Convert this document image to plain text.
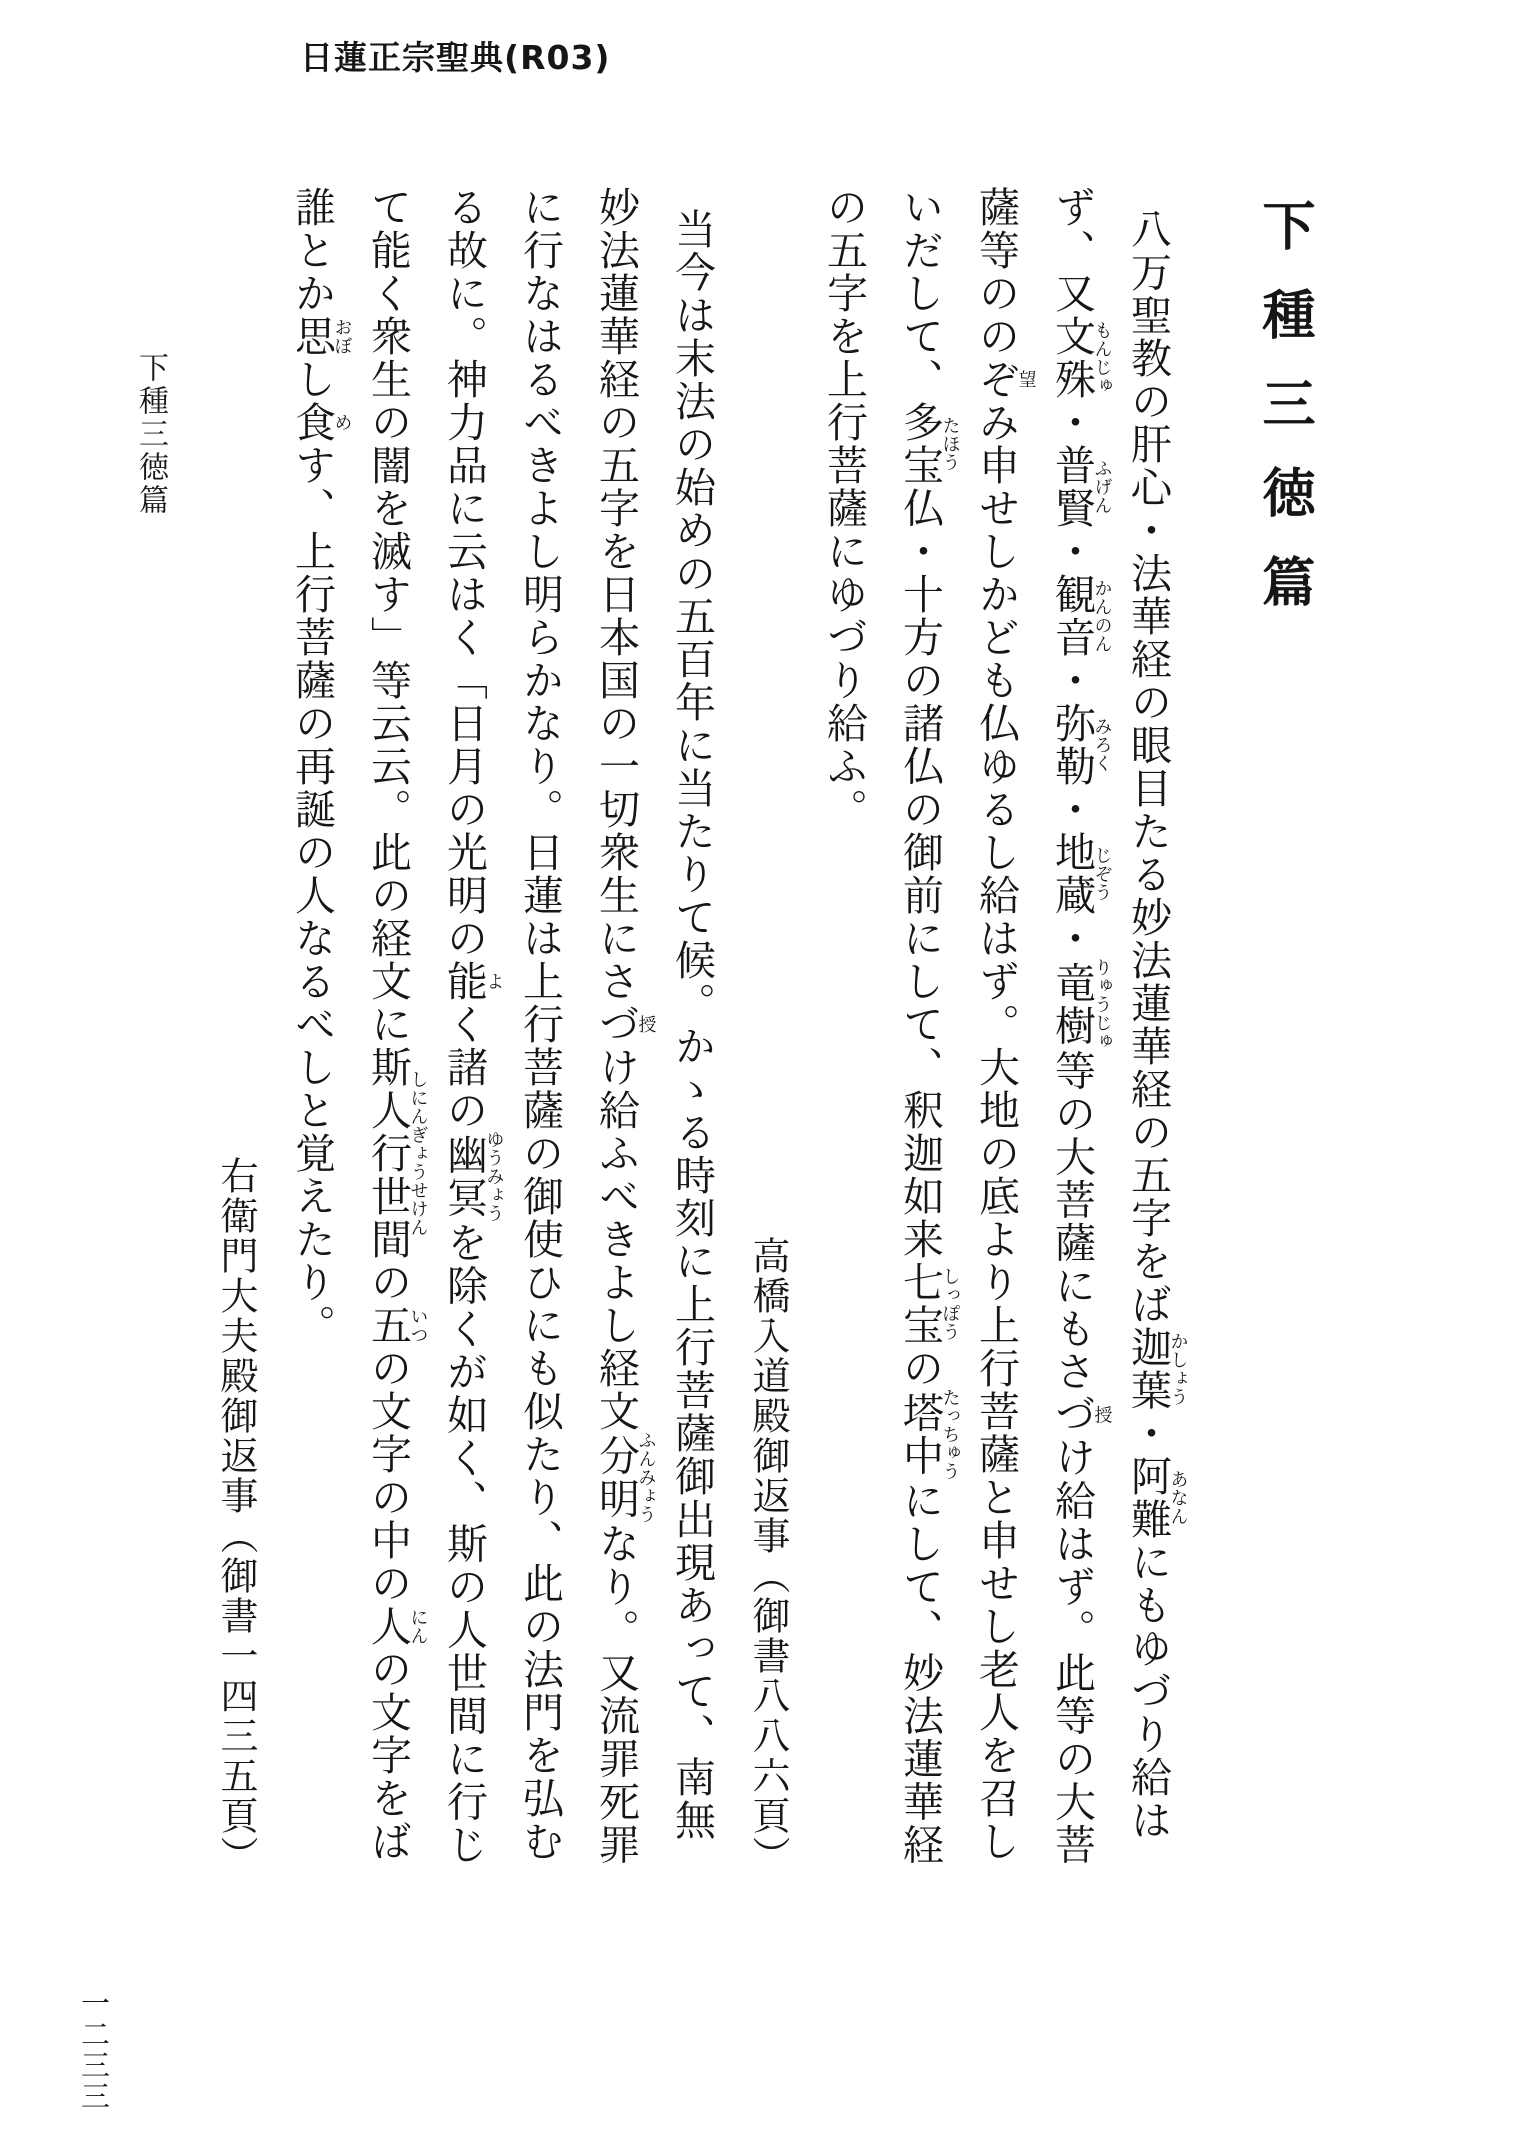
日蓮正宗聖典(R03)
下種三徳篇

八万聖教の肝心・法華経の眼目たる妙法蓮華経の五字をば迦葉かしょう・阿難あなんにもゆづり給はず、又文殊もんじゅ・普賢ふげん・観音かんのん・弥勒みろく・地蔵じぞう・竜樹りゅうじゅ等の大菩薩にもさづけ授給はず。此等の大菩薩等ののぞみ望申せしかども仏ゆるし給はず。大地の底より上行菩薩と申せし老人を召しいだして、多宝たほう仏・十方の諸仏の御前にして、釈迦如来七宝しっぽうの塔中たっちゅうにして、妙法蓮華経の五字を上行菩薩にゆづり給ふ。

高橋入道殿御返事（御書八八六頁）

当今は末法の始めの五百年に当たりて候。かゝる時刻に上行菩薩御出現あって、南無妙法蓮華経の五字を日本国の一切衆生にさづけ授給ふべきよし経文分明ふんみょうなり。又流罪死罪に行なはるべきよし明らかなり。日蓮は上行菩薩の御使ひにも似たり、此の法門を弘むる故に。神力品に云はく「日月の光明の能よく諸の幽冥ゆうみょうを除くが如く、斯の人世間に行じて能く衆生の闇を滅す」等云云。此の経文に斯人行世間しにんぎょうせけんの五いつの文字の中の人にんの文字をば誰とか思おぼし食めす、上行菩薩の再誕の人なるべしと覚えたり。

右衛門大夫殿御返事（御書一四三五頁）

下種三徳篇
一二三三
